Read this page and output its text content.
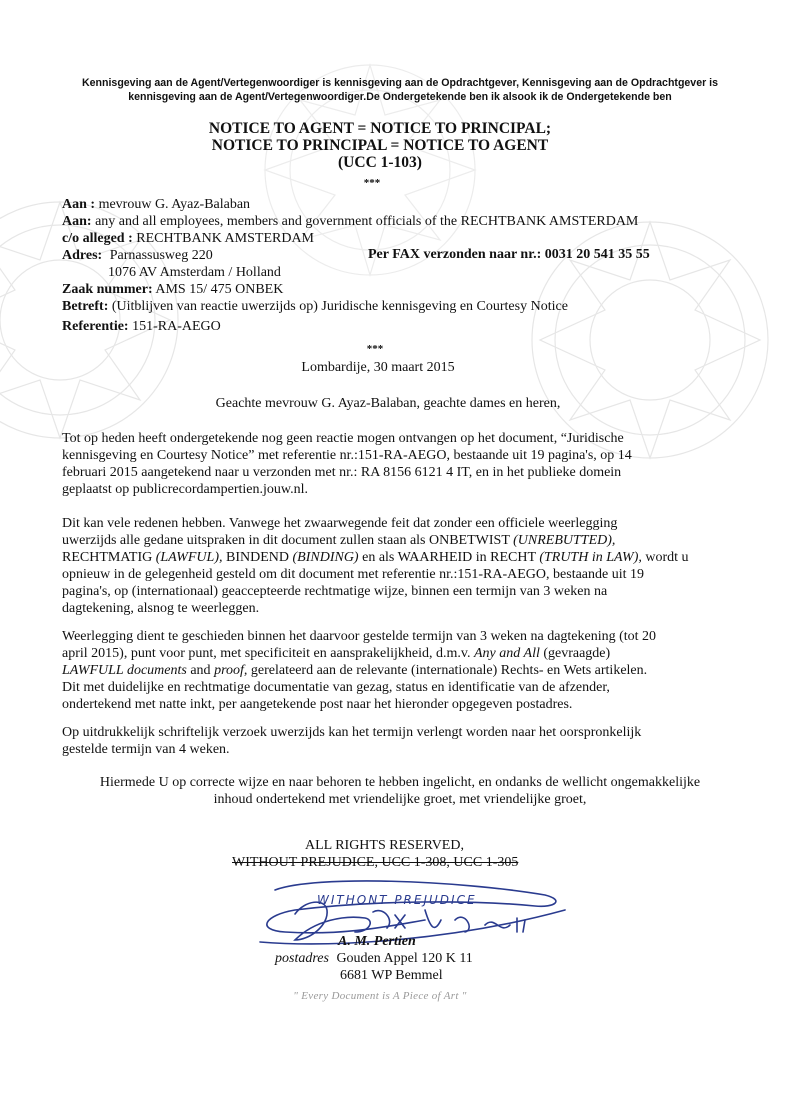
Kennisgeving aan de Agent/Vertegenwoordiger is kennisgeving aan de Opdrachtgever, Kennisgeving aan de Opdrachtgever is
kennisgeving aan de Agent/Vertegenwoordiger.De Ondergetekende ben ik alsook ik de Ondergetekende ben
NOTICE TO AGENT = NOTICE TO PRINCIPAL;
NOTICE TO PRINCIPAL = NOTICE TO AGENT
(UCC 1-103)
***
Aan : mevrouw G. Ayaz-Balaban
Aan: any and all employees, members and government officials of the RECHTBANK AMSTERDAM
c/o alleged : RECHTBANK AMSTERDAM
Adres: Parnassusweg 220	Per FAX verzonden naar nr.: 0031 20 541 35 55
1076 AV Amsterdam / Holland
Zaak nummer: AMS 15/ 475 ONBEK
Betreft: (Uitblijven van reactie uwerzijds op) Juridische kennisgeving en Courtesy Notice
Referentie: 151-RA-AEGO
***
Lombardije, 30 maart 2015
Geachte mevrouw G. Ayaz-Balaban, geachte dames en heren,
Tot op heden heeft ondergetekende nog geen reactie mogen ontvangen op het document, “Juridische
kennisgeving en Courtesy Notice” met referentie nr.:151-RA-AEGO, bestaande uit 19 pagina's, op 14
februari 2015 aangetekend naar u verzonden met nr.: RA 8156 6121 4 IT, en in het publieke domein
geplaatst op publicrecordampertien.jouw.nl.
Dit kan vele redenen hebben. Vanwege het zwaarwegende feit dat zonder een officiele weerlegging
uwerzijds alle gedane uitspraken in dit document zullen staan als ONBETWIST (UNREBUTTED),
RECHTMATIG (LAWFUL), BINDEND (BINDING) en als WAARHEID in RECHT (TRUTH in LAW), wordt u
opnieuw in de gelegenheid gesteld om dit document met referentie nr.:151-RA-AEGO, bestaande uit 19
pagina's, op (internationaal) geaccepteerde rechtmatige wijze, binnen een termijn van 3 weken na
dagtekening, alsnog te weerleggen.
Weerlegging dient te geschieden binnen het daarvoor gestelde termijn van 3 weken na dagtekening (tot 20
april 2015), punt voor punt, met specificiteit en aansprakelijkheid, d.m.v. Any and All (gevraagde)
LAWFULL documents and proof, gerelateerd aan de relevante (internationale) Rechts- en Wets artikelen.
Dit met duidelijke en rechtmatige documentatie van gezag, status en identificatie van de afzender,
ondertekend met natte inkt, per aangetekende post naar het hieronder opgegeven postadres.
Op uitdrukkelijk schriftelijk verzoek uwerzijds kan het termijn verlengt worden naar het oorspronkelijk
gestelde termijn van 4 weken.
Hiermede U op correcte wijze en naar behoren te hebben ingelicht, en ondanks de wellicht ongemakkelijke
inhoud ondertekend met vriendelijke groet, met vriendelijke groet,
ALL RIGHTS RESERVED,
WITHOUT PREJUDICE, UCC 1-308, UCC 1-305
WITHONT PREJUDICE
A. M. Pertien
postadres Gouden Appel 120 K 11
6681 WP Bemmel
" Every Document is A Piece of Art "
